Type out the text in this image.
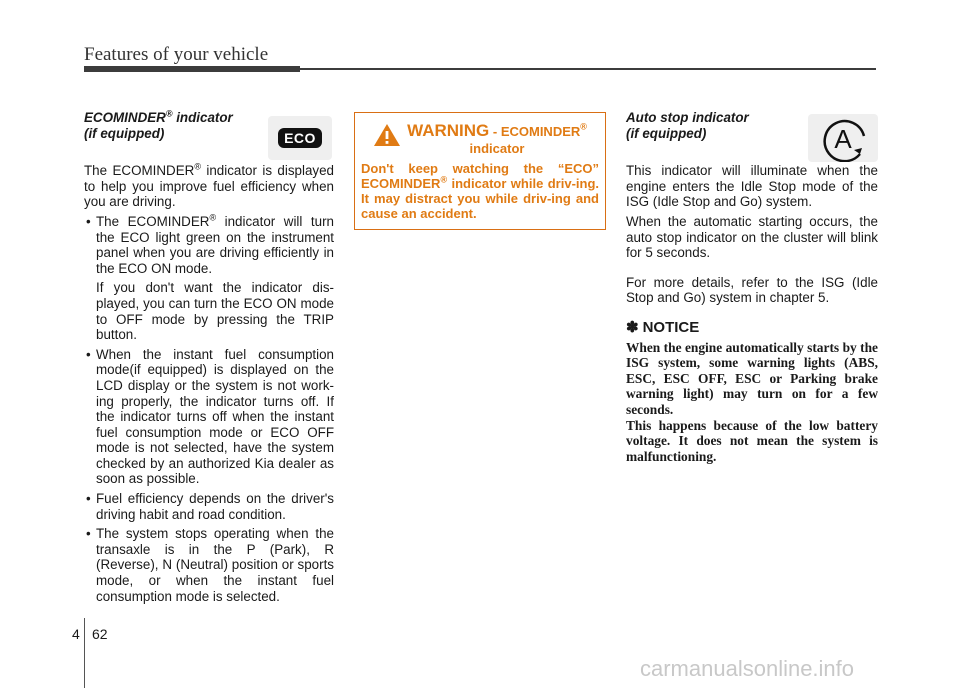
Features of your vehicle
ECOMINDER® indicator
(if equipped)

The ECOMINDER® indicator is displayed to help you improve fuel efficiency when you are driving.

• The ECOMINDER® indicator will turn the ECO light green on the instrument panel when you are driving efficiently in the ECO ON mode.
If you don't want the indicator dis-played, you can turn the ECO ON mode to OFF mode by pressing the TRIP button.
• When the instant fuel consumption mode(if equipped) is displayed on the LCD display or the system is not work-ing properly, the indicator turns off. If the indicator turns off when the instant fuel consumption mode or ECO OFF mode is not selected, have the system checked by an authorized Kia dealer as soon as possible.
• Fuel efficiency depends on the driver's driving habit and road condition.
• The system stops operating when the transaxle is in the P (Park), R (Reverse), N (Neutral) position or sports mode, or when the instant fuel consumption mode is selected.
ECO	WARNING - ECOMINDER®
indicator
Don't keep watching the “ECO” ECOMINDER® indicator while driv-ing. It may distract you while driv-ing and cause an accident.
A
Auto stop indicator
(if equipped)

This indicator will illuminate when the engine enters the Idle Stop mode of the ISG (Idle Stop and Go) system.

When the automatic starting occurs, the auto stop indicator on the cluster will blink for 5 seconds.

For more details, refer to the ISG (Idle Stop and Go) system in chapter 5.

✽ NOTICE
When the engine automatically starts by the ISG system, some warning lights (ABS, ESC, ESC OFF, ESC or Parking brake warning light) may turn on for a few seconds.
This happens because of the low battery voltage. It does not mean the system is malfunctioning.
4 62
carmanualsonline.info
